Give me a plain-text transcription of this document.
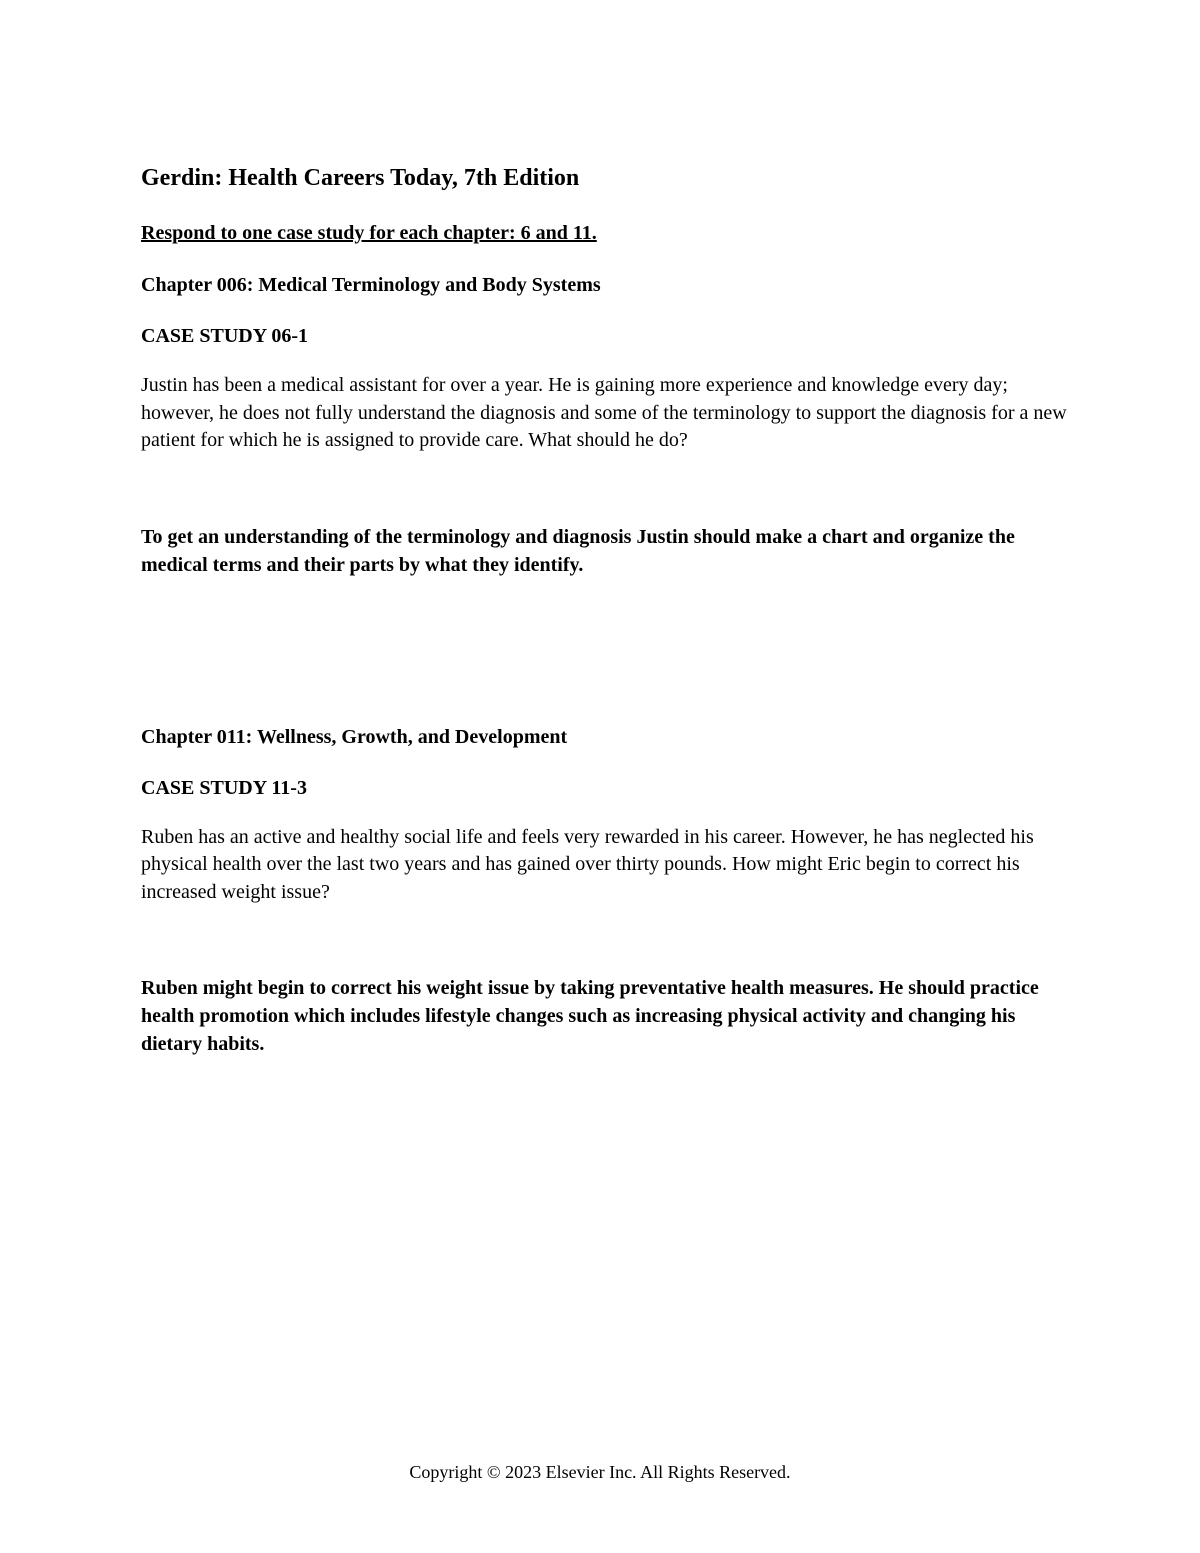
Gerdin: Health Careers Today, 7th Edition
Respond to one case study for each chapter: 6 and 11.
Chapter 006: Medical Terminology and Body Systems
CASE STUDY 06-1

Justin has been a medical assistant for over a year. He is gaining more experience and knowledge every day; however, he does not fully understand the diagnosis and some of the terminology to support the diagnosis for a new patient for which he is assigned to provide care. What should he do?

To get an understanding of the terminology and diagnosis Justin should make a chart and organize the medical terms and their parts by what they identify.

Chapter 011: Wellness, Growth, and Development
CASE STUDY 11-3

Ruben has an active and healthy social life and feels very rewarded in his career. However, he has neglected his physical health over the last two years and has gained over thirty pounds. How might Eric begin to correct his increased weight issue?

Ruben might begin to correct his weight issue by taking preventative health measures. He should practice health promotion which includes lifestyle changes such as increasing physical activity and changing his dietary habits.

Copyright © 2023 Elsevier Inc. All Rights Reserved.
